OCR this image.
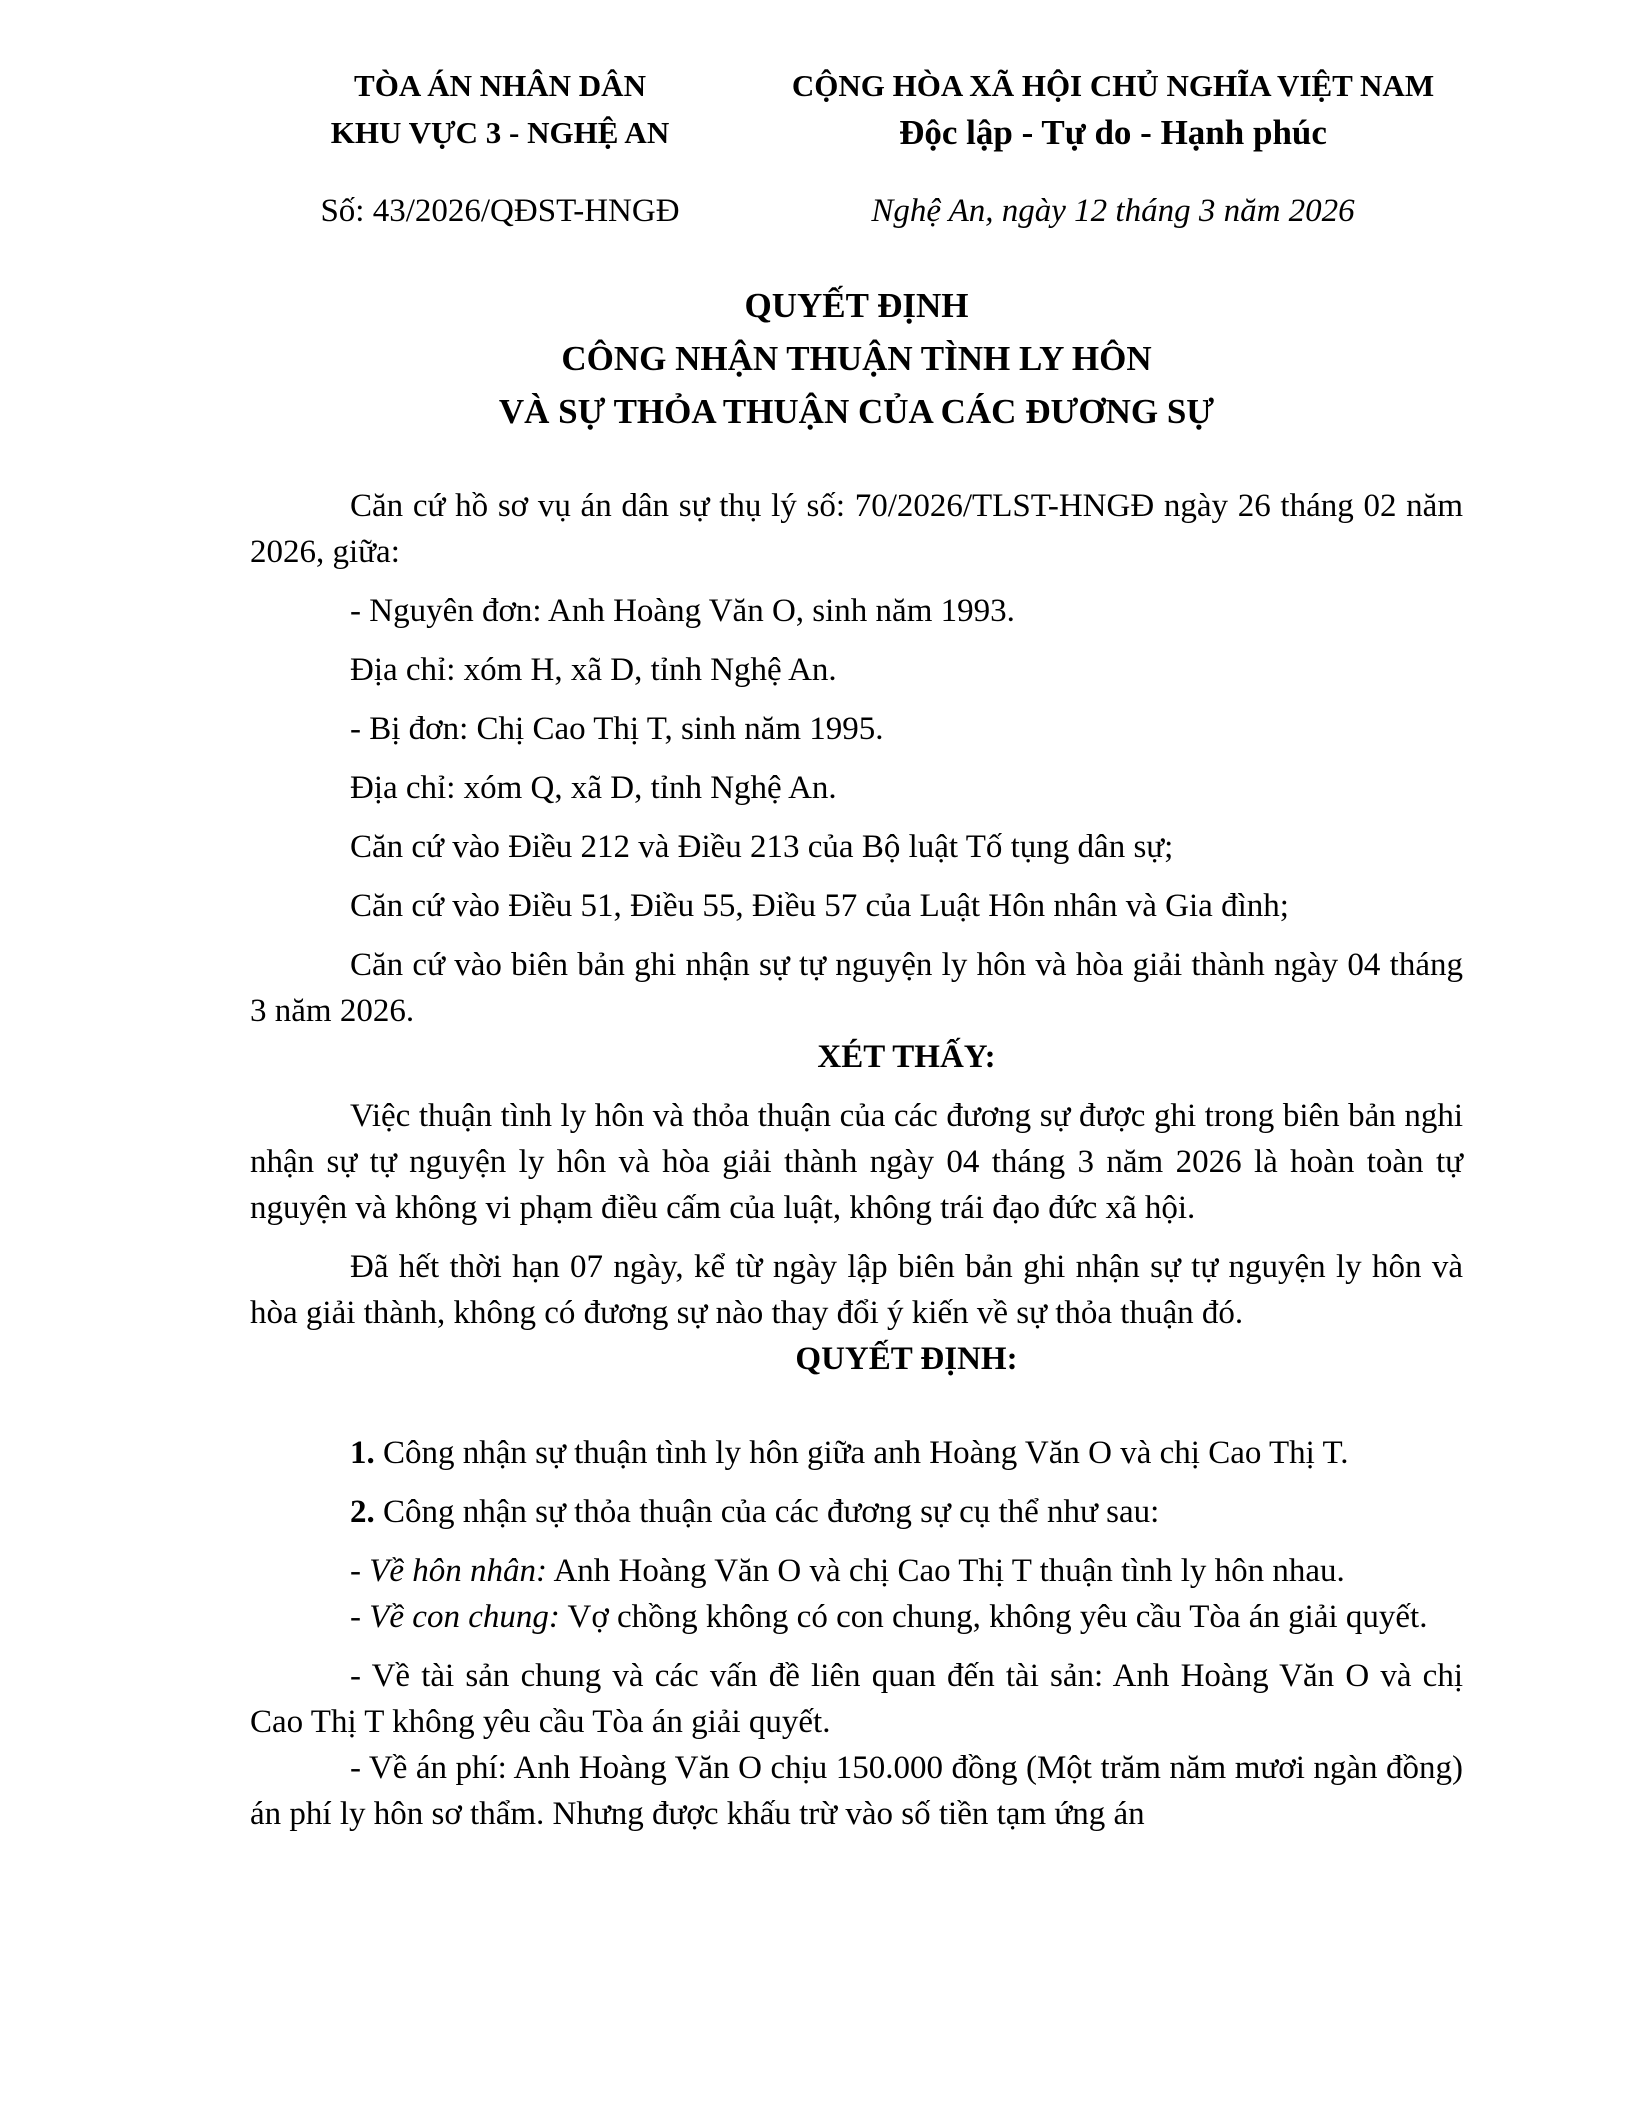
TÒA ÁN NHÂN DÂN
KHU VỰC 3 - NGHỆ AN
CỘNG HÒA XÃ HỘI CHỦ NGHĨA VIỆT NAM
Độc lập - Tự do - Hạnh phúc
Số: 43/2026/QĐST-HNGĐ	Nghệ An, ngày 12 tháng 3 năm 2026
QUYẾT ĐỊNH
CÔNG NHẬN THUẬN TÌNH LY HÔN
VÀ SỰ THỎA THUẬN CỦA CÁC ĐƯƠNG SỰ

Căn cứ hồ sơ vụ án dân sự thụ lý số: 70/2026/TLST-HNGĐ ngày 26 tháng 02 năm 2026, giữa:

- Nguyên đơn: Anh Hoàng Văn O, sinh năm 1993.

Địa chỉ: xóm H, xã D, tỉnh Nghệ An.

- Bị đơn: Chị Cao Thị T, sinh năm 1995.

Địa chỉ: xóm Q, xã D, tỉnh Nghệ An.

Căn cứ vào Điều 212 và Điều 213 của Bộ luật Tố tụng dân sự;

Căn cứ vào Điều 51, Điều 55, Điều 57 của Luật Hôn nhân và Gia đình;

Căn cứ vào biên bản ghi nhận sự tự nguyện ly hôn và hòa giải thành ngày 04 tháng 3 năm 2026.

XÉT THẤY:

Việc thuận tình ly hôn và thỏa thuận của các đương sự được ghi trong biên bản nghi nhận sự tự nguyện ly hôn và hòa giải thành ngày 04 tháng 3 năm 2026 là hoàn toàn tự nguyện và không vi phạm điều cấm của luật, không trái đạo đức xã hội.

Đã hết thời hạn 07 ngày, kể từ ngày lập biên bản ghi nhận sự tự nguyện ly hôn và hòa giải thành, không có đương sự nào thay đổi ý kiến về sự thỏa thuận đó.

QUYẾT ĐỊNH:

1. Công nhận sự thuận tình ly hôn giữa anh Hoàng Văn O và chị Cao Thị T.

2. Công nhận sự thỏa thuận của các đương sự cụ thể như sau:

- Về hôn nhân: Anh Hoàng Văn O và chị Cao Thị T thuận tình ly hôn nhau.

- Về con chung: Vợ chồng không có con chung, không yêu cầu Tòa án giải quyết.

- Về tài sản chung và các vấn đề liên quan đến tài sản: Anh Hoàng Văn O và chị Cao Thị T không yêu cầu Tòa án giải quyết.

- Về án phí: Anh Hoàng Văn O chịu 150.000 đồng (Một trăm năm mươi ngàn đồng) án phí ly hôn sơ thẩm. Nhưng được khấu trừ vào số tiền tạm ứng án
